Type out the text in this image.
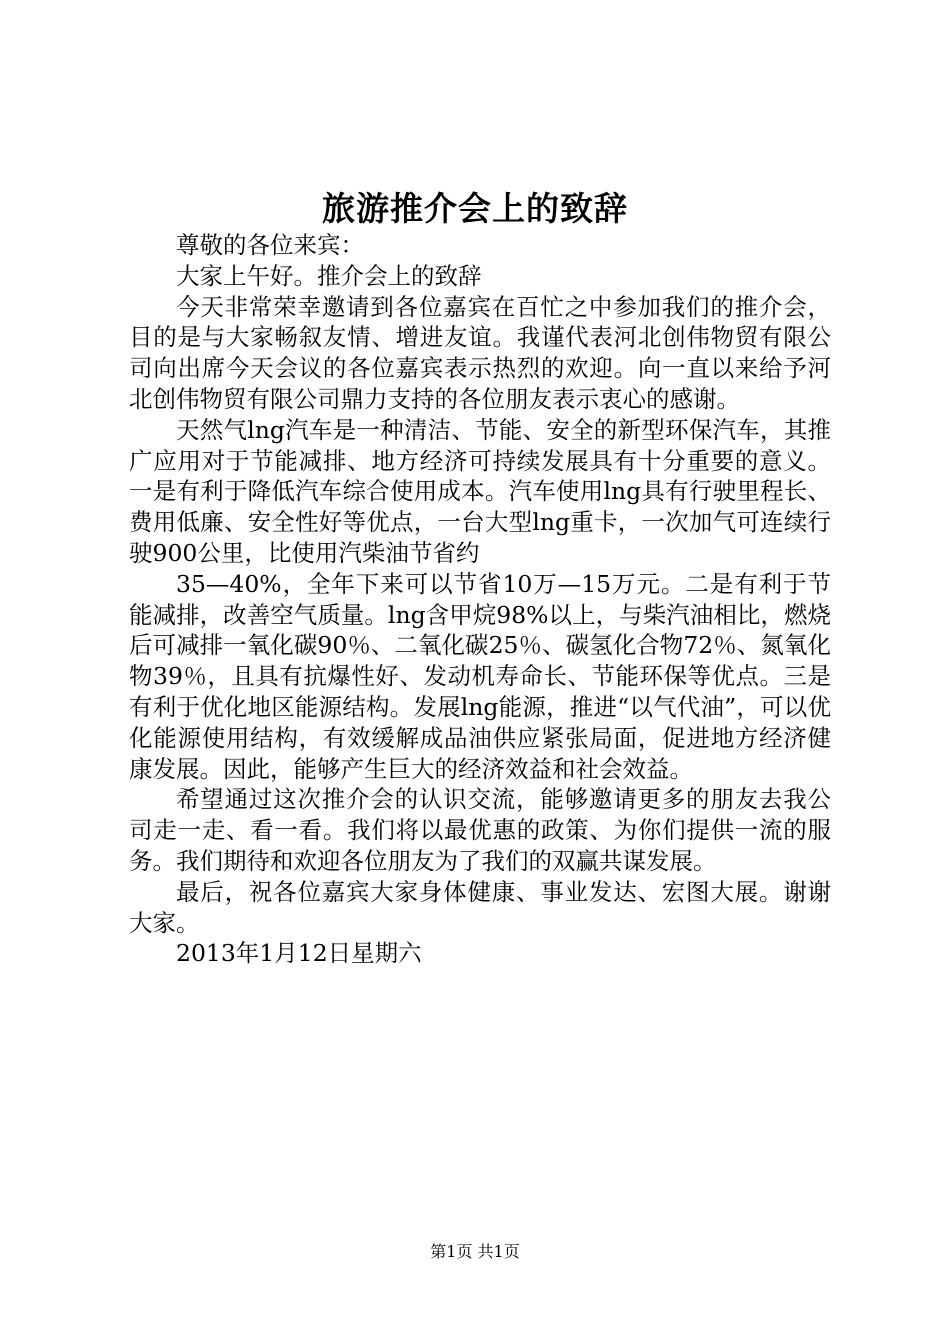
旅游推介会上的致辞

尊敬的各位来宾：

大家上午好。推介会上的致辞

今天非常荣幸邀请到各位嘉宾在百忙之中参加我们的推介会，目的是与大家畅叙友情、增进友谊。我谨代表河北创伟物贸有限公司向出席今天会议的各位嘉宾表示热烈的欢迎。向一直以来给予河北创伟物贸有限公司鼎力支持的各位朋友表示衷心的感谢。

天然气lng汽车是一种清洁、节能、安全的新型环保汽车，其推广应用对于节能减排、地方经济可持续发展具有十分重要的意义。一是有利于降低汽车综合使用成本。汽车使用lng具有行驶里程长、费用低廉、安全性好等优点，一台大型lng重卡，一次加气可连续行驶900公里，比使用汽柴油节省约

35—40%，全年下来可以节省10万—15万元。二是有利于节能减排，改善空气质量。lng含甲烷98%以上，与柴汽油相比，燃烧后可减排一氧化碳90％、二氧化碳25％、碳氢化合物72％、氮氧化物39％，且具有抗爆性好、发动机寿命长、节能环保等优点。三是有利于优化地区能源结构。发展lng能源，推进“以气代油”，可以优化能源使用结构，有效缓解成品油供应紧张局面，促进地方经济健康发展。因此，能够产生巨大的经济效益和社会效益。

希望通过这次推介会的认识交流，能够邀请更多的朋友去我公司走一走、看一看。我们将以最优惠的政策、为你们提供一流的服务。我们期待和欢迎各位朋友为了我们的双赢共谋发展。

最后，祝各位嘉宾大家身体健康、事业发达、宏图大展。谢谢大家。

2013年1月12日星期六

第1页 共1页
